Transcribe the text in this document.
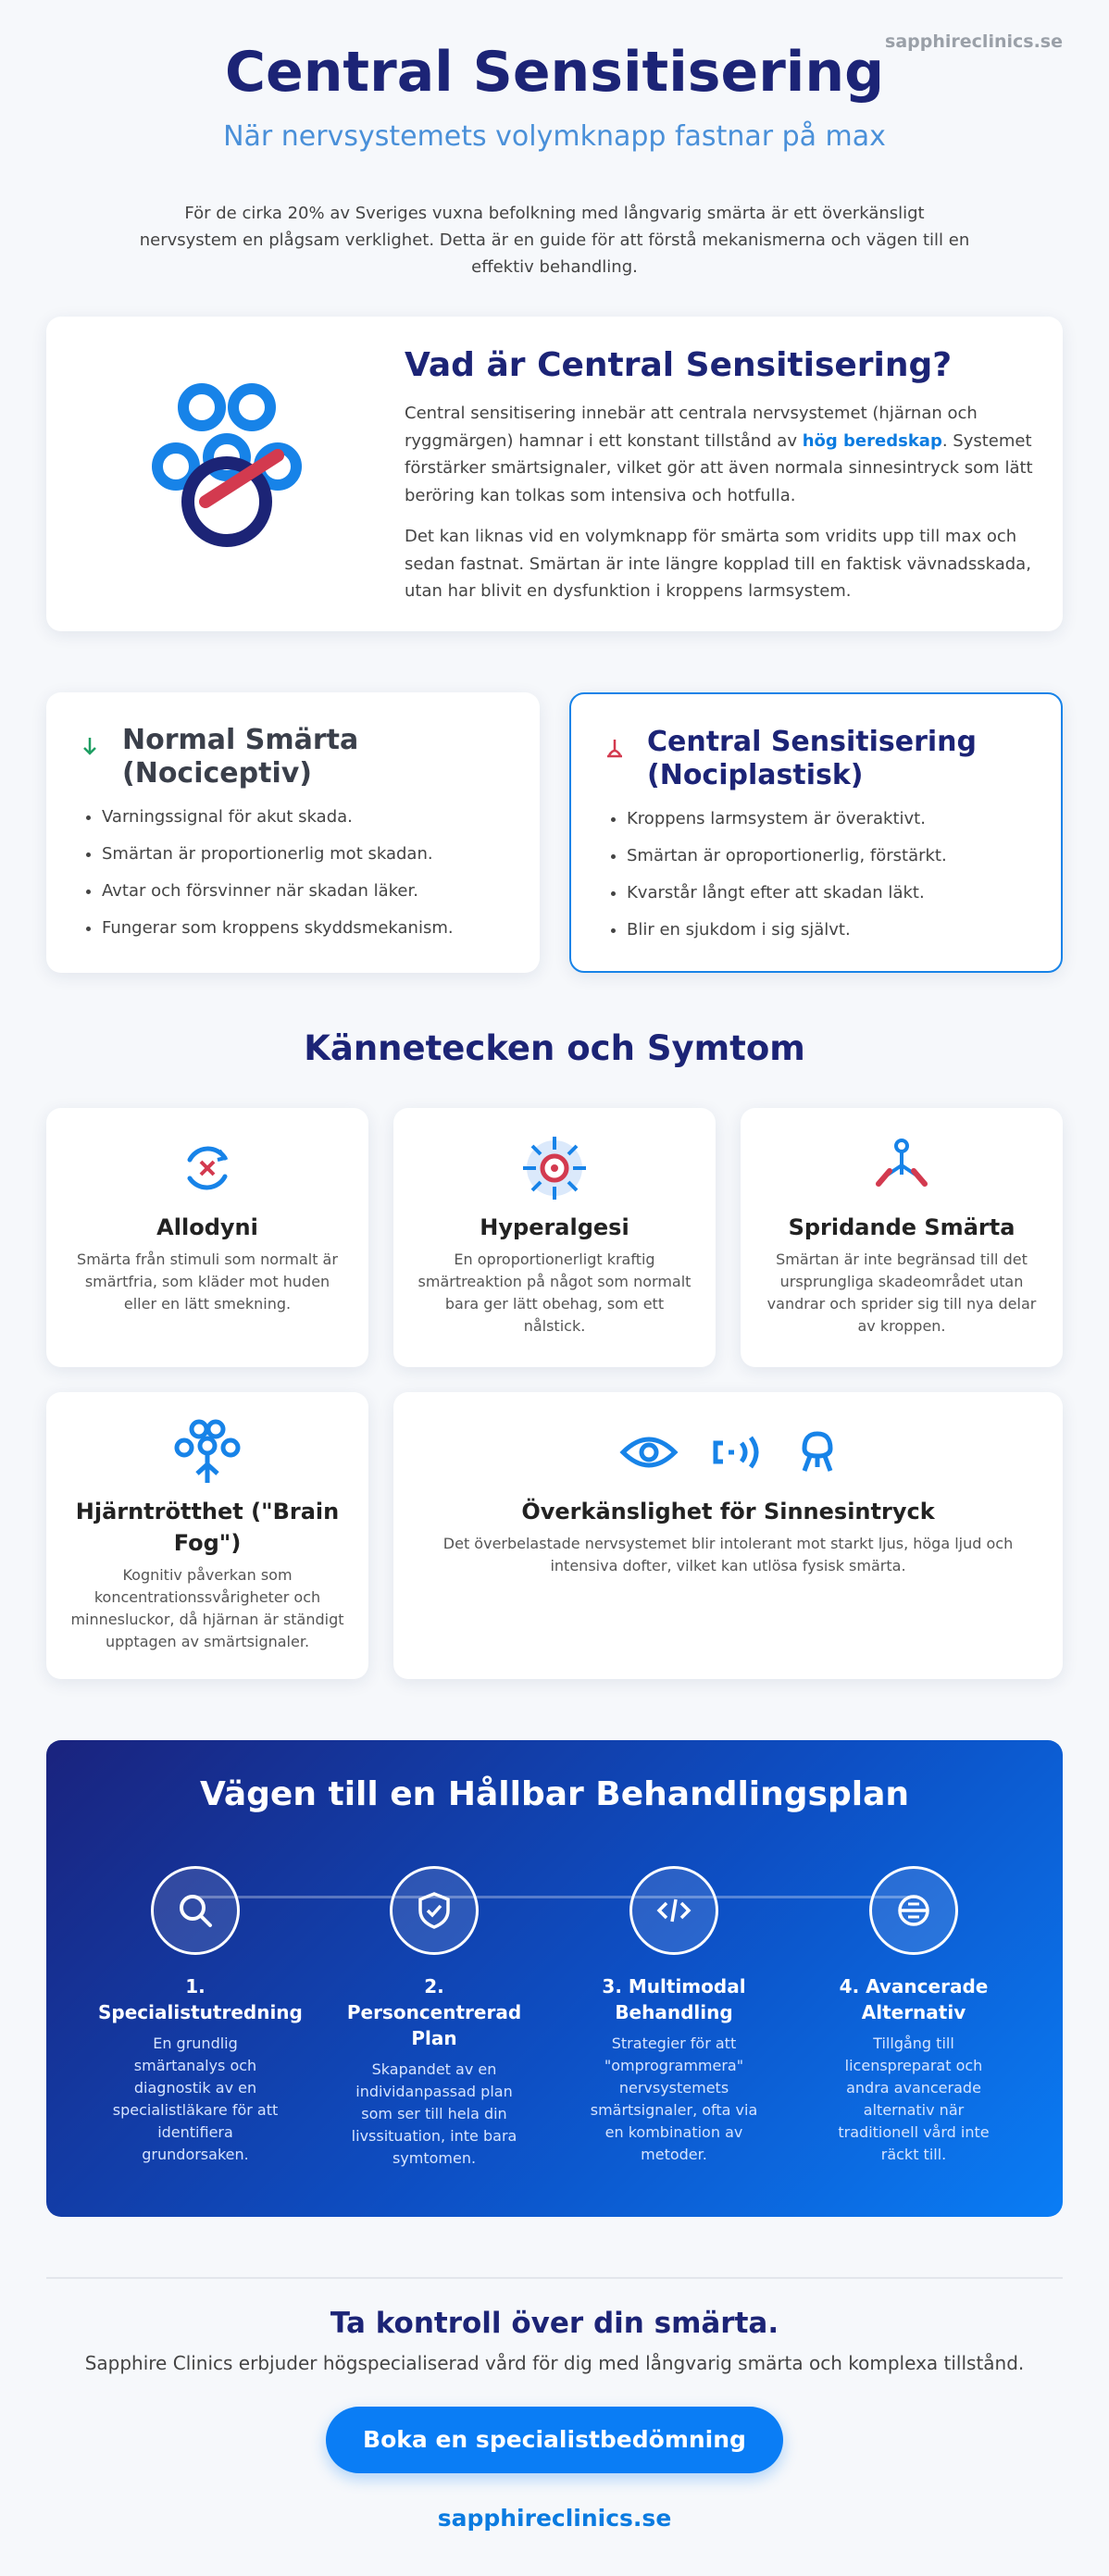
sapphireclinics.se
Central Sensitisering
När nervsystemets volymknapp fastnar på max

För de cirka 20% av Sveriges vuxna befolkning med långvarig smärta är ett överkänsligt nervsystem en plågsam verklighet. Detta är en guide för att förstå mekanismerna och vägen till en effektiv behandling.

Vad är Central Sensitisering?

Central sensitisering innebär att centrala nervsystemet (hjärnan och ryggmärgen) hamnar i ett konstant tillstånd av hög beredskap. Systemet förstärker smärtsignaler, vilket gör att även normala sinnesintryck som lätt beröring kan tolkas som intensiva och hotfulla.

Det kan liknas vid en volymknapp för smärta som vridits upp till max och sedan fastnat. Smärtan är inte längre kopplad till en faktisk vävnadsskada, utan har blivit en dysfunktion i kroppens larmsystem.

Normal Smärta (Nociceptiv)
• Varningssignal för akut skada.
• Smärtan är proportionerlig mot skadan.
• Avtar och försvinner när skadan läker.
• Fungerar som kroppens skyddsmekanism.
Central Sensitisering (Nociplastisk)
• Kroppens larmsystem är överaktivt.
• Smärtan är oproportionerlig, förstärkt.
• Kvarstår långt efter att skadan läkt.
• Blir en sjukdom i sig självt.
Kännetecken och Symtom
Allodyni

Smärta från stimuli som normalt är smärtfria, som kläder mot huden eller en lätt smekning.

Hyperalgesi

En oproportionerligt kraftig smärtreaktion på något som normalt bara ger lätt obehag, som ett nålstick.

Spridande Smärta

Smärtan är inte begränsad till det ursprungliga skadeområdet utan vandrar och sprider sig till nya delar av kroppen.

Hjärntrötthet ("Brain Fog")

Kognitiv påverkan som koncentrationssvårigheter och minnesluckor, då hjärnan är ständigt upptagen av smärtsignaler.

Överkänslighet för Sinnesintryck

Det överbelastade nervsystemet blir intolerant mot starkt ljus, höga ljud och intensiva dofter, vilket kan utlösa fysisk smärta.

Vägen till en Hållbar Behandlingsplan
1. Specialistutredning

En grundlig smärtanalys och diagnostik av en specialistläkare för att identifiera grundorsaken.

2. Personcentrerad Plan

Skapandet av en individanpassad plan som ser till hela din livssituation, inte bara symtomen.

3. Multimodal Behandling

Strategier för att "omprogrammera" nervsystemets smärtsignaler, ofta via en kombination av metoder.

4. Avancerade Alternativ

Tillgång till licenspreparat och andra avancerade alternativ när traditionell vård inte räckt till.

Ta kontroll över din smärta.

Sapphire Clinics erbjuder högspecialiserad vård för dig med långvarig smärta och komplexa tillstånd.

Boka en specialistbedömning
sapphireclinics.se
